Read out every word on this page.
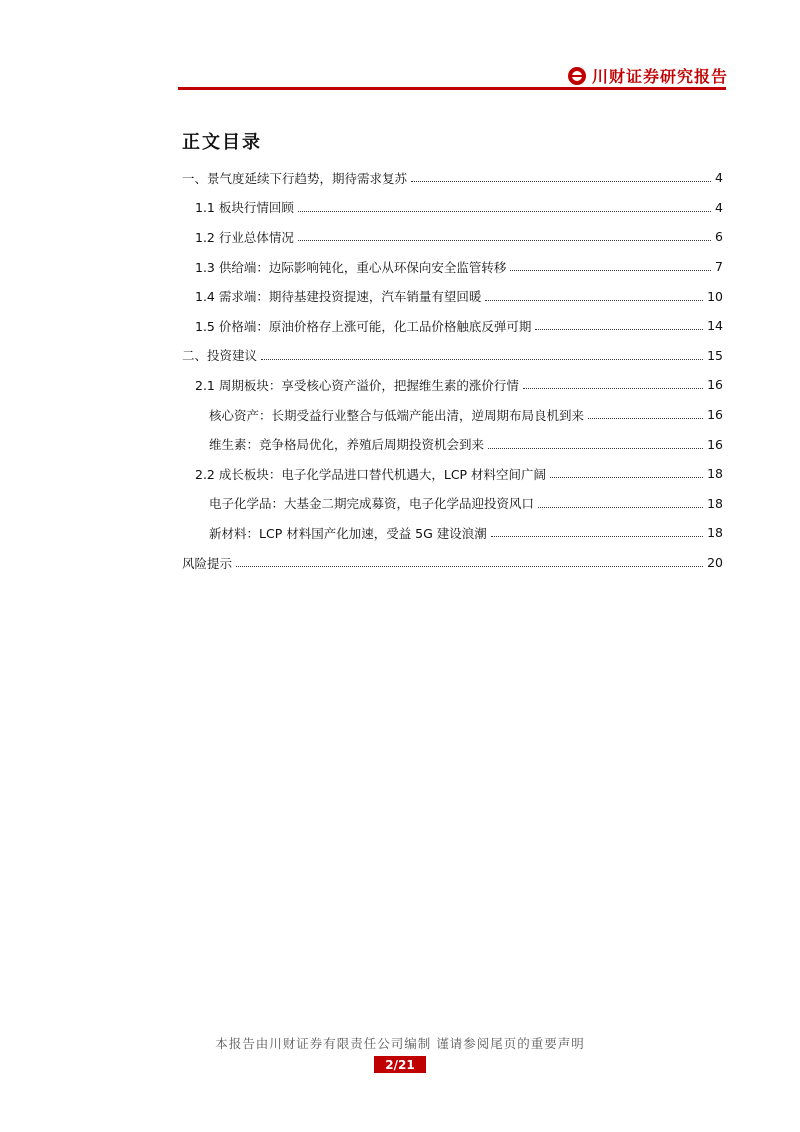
川财证券研究报告
正文目录
一、景气度延续下行趋势，期待需求复苏	4
1.1 板块行情回顾	4
1.2 行业总体情况	6
1.3 供给端：边际影响钝化，重心从环保向安全监管转移	7
1.4 需求端：期待基建投资提速，汽车销量有望回暖	10
1.5 价格端：原油价格存上涨可能，化工品价格触底反弹可期	14
二、投资建议	15
2.1 周期板块：享受核心资产溢价，把握维生素的涨价行情	16
核心资产：长期受益行业整合与低端产能出清，逆周期布局良机到来	16
维生素：竞争格局优化，养殖后周期投资机会到来	16
2.2 成长板块：电子化学品进口替代机遇大，LCP 材料空间广阔	18
电子化学品：大基金二期完成募资，电子化学品迎投资风口	18
新材料：LCP 材料国产化加速，受益 5G 建设浪潮	18
风险提示	20
本报告由川财证券有限责任公司编制 谨请参阅尾页的重要声明
2/21
